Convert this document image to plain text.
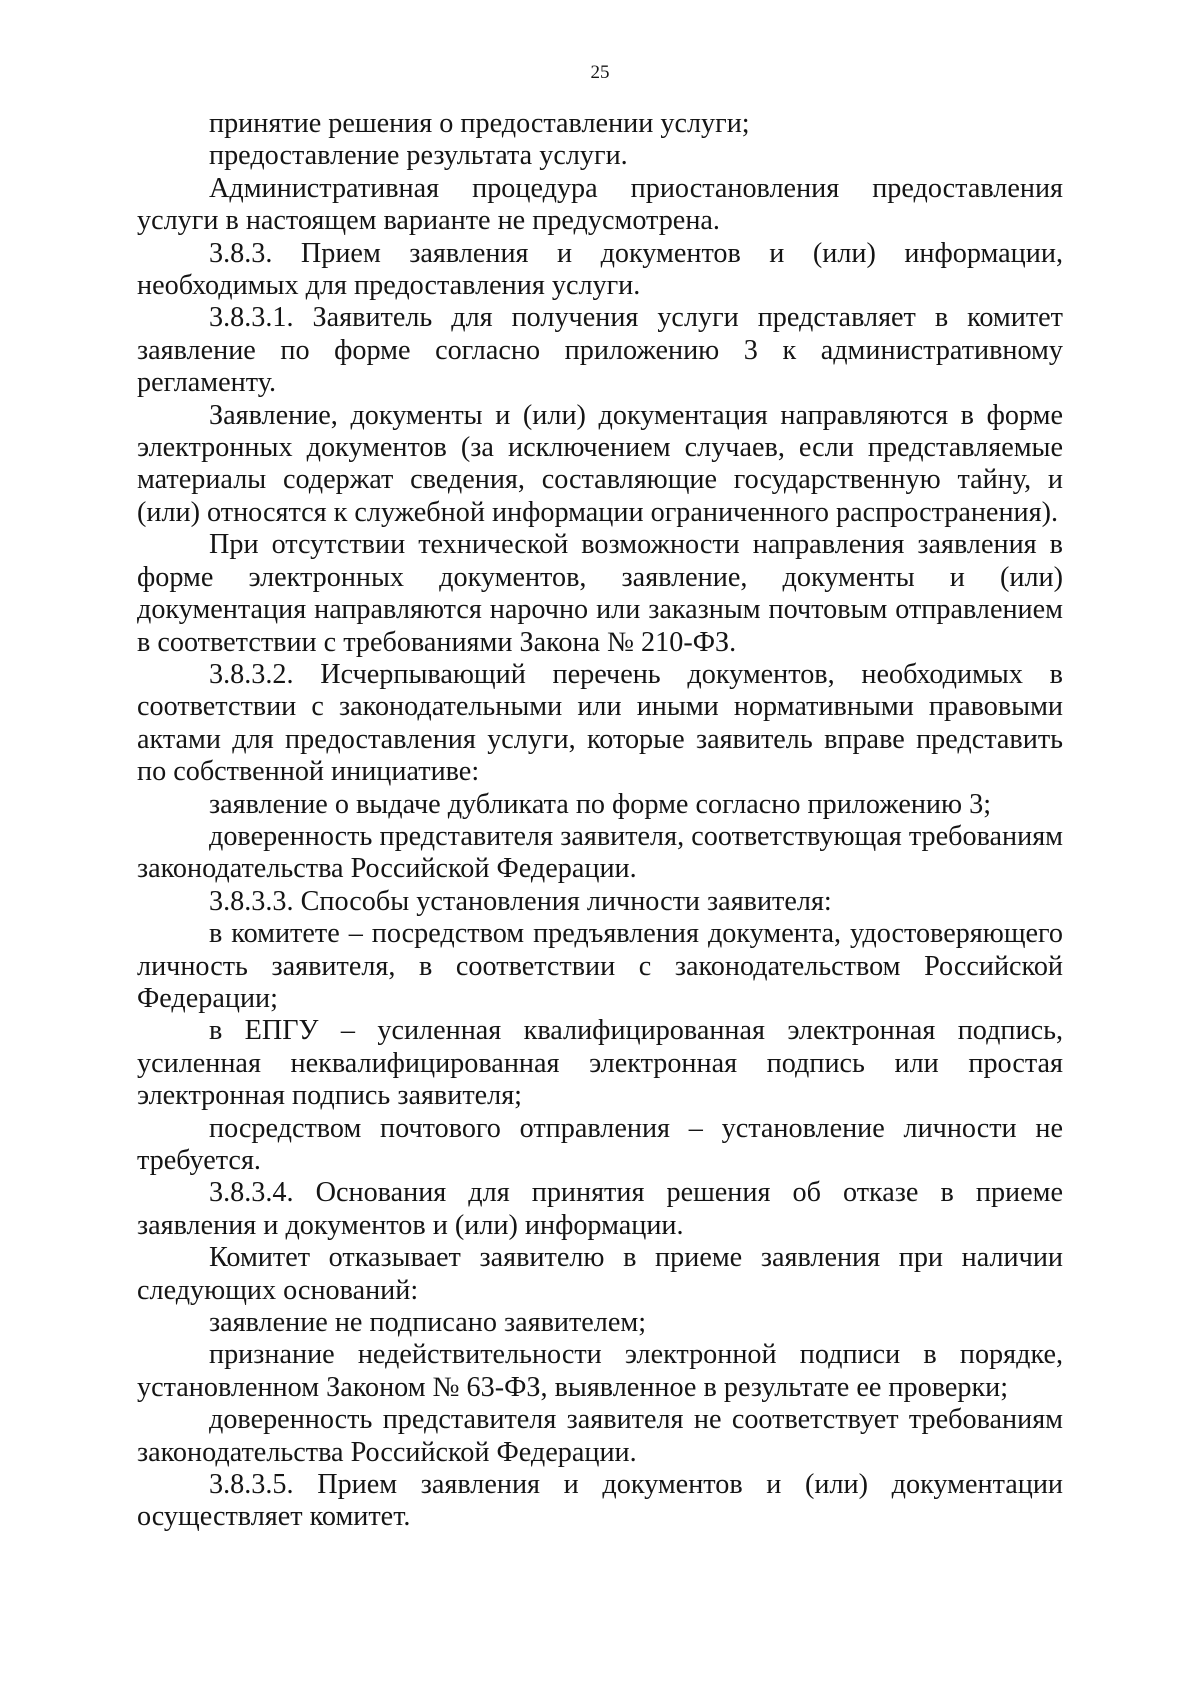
25

принятие решения о предоставлении услуги;

предоставление результата услуги.

Административная процедура приостановления предоставления услуги в настоящем варианте не предусмотрена.

3.8.3. Прием заявления и документов и (или) информации, необходимых для предоставления услуги.

3.8.3.1. Заявитель для получения услуги представляет в комитет заявление по форме согласно приложению 3 к административному регламенту.

Заявление, документы и (или) документация направляются в форме электронных документов (за исключением случаев, если представляемые материалы содержат сведения, составляющие государственную тайну, и (или) относятся к служебной информации ограниченного распространения).

При отсутствии технической возможности направления заявления в форме электронных документов, заявление, документы и (или) документация направляются нарочно или заказным почтовым отправлением в соответствии с требованиями Закона № 210-ФЗ.

3.8.3.2. Исчерпывающий перечень документов, необходимых в соответствии с законодательными или иными нормативными правовыми актами для предоставления услуги, которые заявитель вправе представить по собственной инициативе:

заявление о выдаче дубликата по форме согласно приложению 3;

доверенность представителя заявителя, соответствующая требованиям законодательства Российской Федерации.

3.8.3.3. Способы установления личности заявителя:

в комитете – посредством предъявления документа, удостоверяющего личность заявителя, в соответствии с законодательством Российской Федерации;

в ЕПГУ – усиленная квалифицированная электронная подпись, усиленная неквалифицированная электронная подпись или простая электронная подпись заявителя;

посредством почтового отправления – установление личности не требуется.

3.8.3.4. Основания для принятия решения об отказе в приеме заявления и документов и (или) информации.

Комитет отказывает заявителю в приеме заявления при наличии следующих оснований:

заявление не подписано заявителем;

признание недействительности электронной подписи в порядке, установленном Законом № 63-ФЗ, выявленное в результате ее проверки;

доверенность представителя заявителя не соответствует требованиям законодательства Российской Федерации.

3.8.3.5. Прием заявления и документов и (или) документации осуществляет комитет.
